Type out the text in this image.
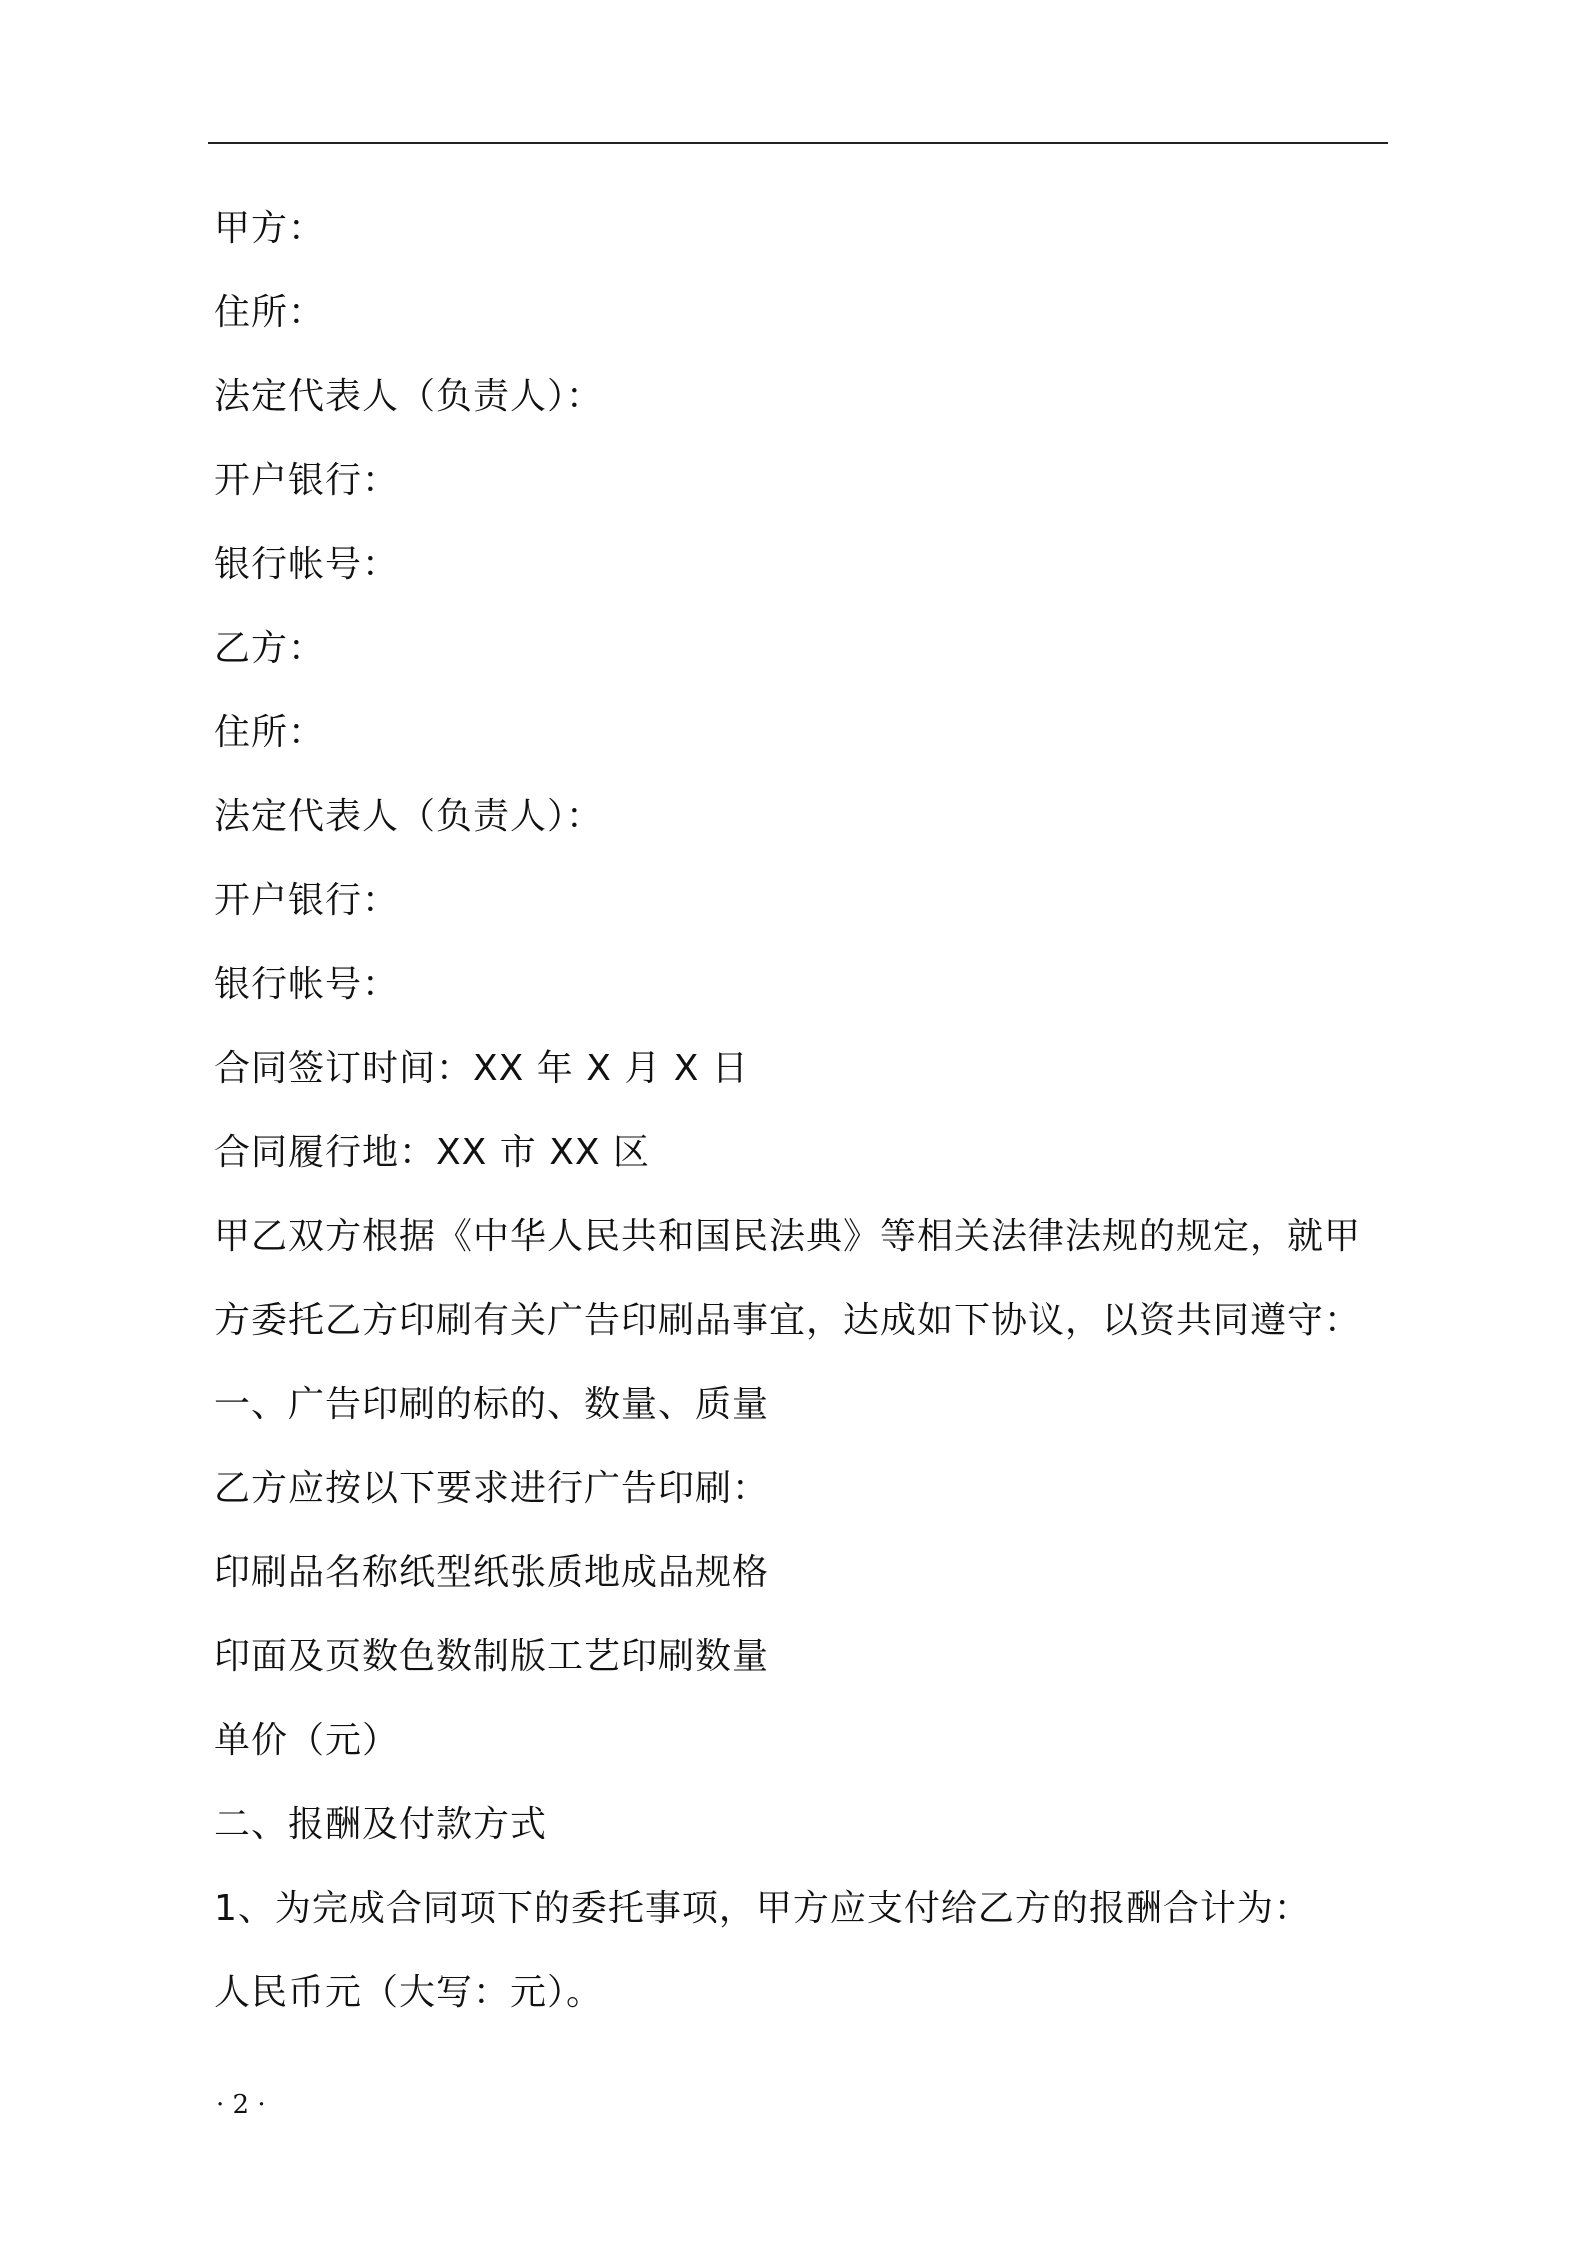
甲方：
住所：
法定代表人（负责人）：
开户银行：
银行帐号：
乙方：
住所：
法定代表人（负责人）：
开户银行：
银行帐号：
合同签订时间：XX 年 X 月 X 日
合同履行地：XX 市 XX 区
甲乙双方根据《中华人民共和国民法典》等相关法律法规的规定，就甲
方委托乙方印刷有关广告印刷品事宜，达成如下协议，以资共同遵守：
一、广告印刷的标的、数量、质量
乙方应按以下要求进行广告印刷：
印刷品名称纸型纸张质地成品规格
印面及页数色数制版工艺印刷数量
单价（元）
二、报酬及付款方式
1、为完成合同项下的委托事项，甲方应支付给乙方的报酬合计为：
人民币元（大写：元）。
· 2 ·
